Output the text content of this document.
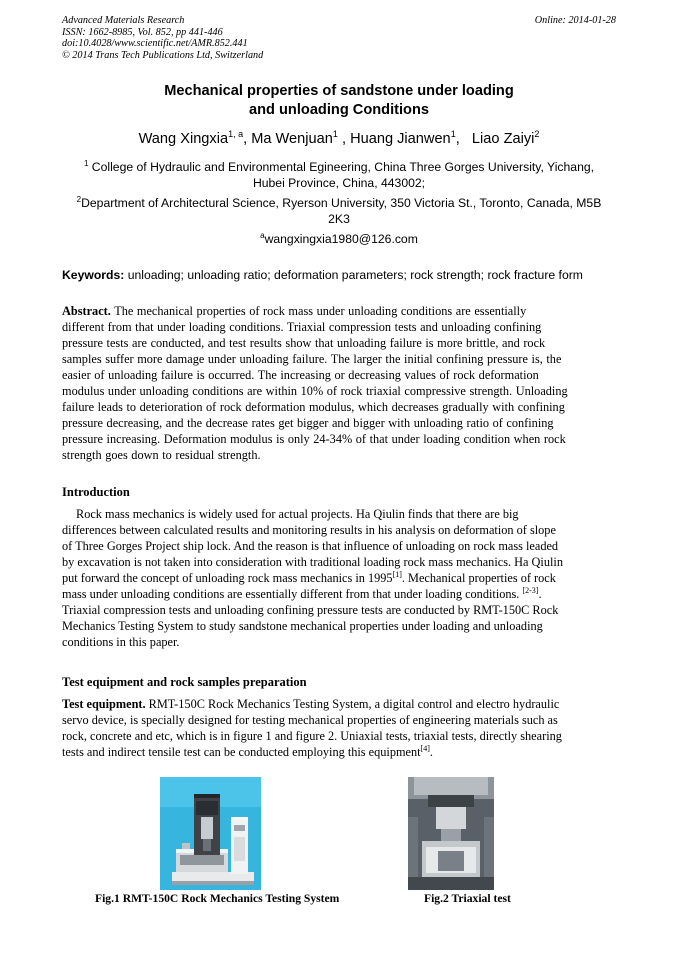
Advanced Materials Research
ISSN: 1662-8985, Vol. 852, pp 441-446
doi:10.4028/www.scientific.net/AMR.852.441
© 2014 Trans Tech Publications Ltd, Switzerland
Online: 2014-01-28
Mechanical properties of sandstone under loading
and unloading Conditions
Wang Xingxia$^{1, a}$, Ma Wenjuan$^1$ , Huang Jianwen$^1$,   Liao Zaiyi$^2$
$^1$ College of Hydraulic and Environmental Egineering, China Three Gorges University, Yichang,
Hubei Province, China, 443002;
$^2$Department of Architectural Science, Ryerson University, 350 Victoria St., Toronto, Canada, M5B
2K3
$^a$wangxingxia1980@126.com
Keywords: unloading; unloading ratio; deformation parameters; rock strength; rock fracture form
Abstract. The mechanical properties of rock mass under unloading conditions are essentially
different from that under loading conditions. Triaxial compression tests and unloading confining
pressure tests are conducted, and test results show that unloading failure is more brittle, and rock
samples suffer more damage under unloading failure. The larger the initial confining pressure is, the
easier of unloading failure is occurred. The increasing or decreasing values of rock deformation
modulus under unloading conditions are within 10% of rock triaxial compressive strength. Unloading
failure leads to deterioration of rock deformation modulus, which decreases gradually with confining
pressure decreasing, and the decrease rates get bigger and bigger with unloading ratio of confining
pressure increasing. Deformation modulus is only 24-34% of that under loading condition when rock
strength goes down to residual strength.
Introduction
Rock mass mechanics is widely used for actual projects. Ha Qiulin finds that there are big
differences between calculated results and monitoring results in his analysis on deformation of slope
of Three Gorges Project ship lock. And the reason is that influence of unloading on rock mass leaded
by excavation is not taken into consideration with traditional loading rock mass mechanics. Ha Qiulin
put forward the concept of unloading rock mass mechanics in 1995[1]. Mechanical properties of rock
mass under unloading conditions are essentially different from that under loading conditions. [2-3].
Triaxial compression tests and unloading confining pressure tests are conducted by RMT-150C Rock
Mechanics Testing System to study sandstone mechanical properties under loading and unloading
conditions in this paper.
Test equipment and rock samples preparation
Test equipment. RMT-150C Rock Mechanics Testing System, a digital control and electro hydraulic
servo device, is specially designed for testing mechanical properties of engineering materials such as
rock, concrete and etc, which is in figure 1 and figure 2. Uniaxial tests, triaxial tests, directly shearing
tests and indirect tensile test can be conducted employing this equipment[4].
Fig.1 RMT-150C Rock Mechanics Testing System	Fig.2 Triaxial test
